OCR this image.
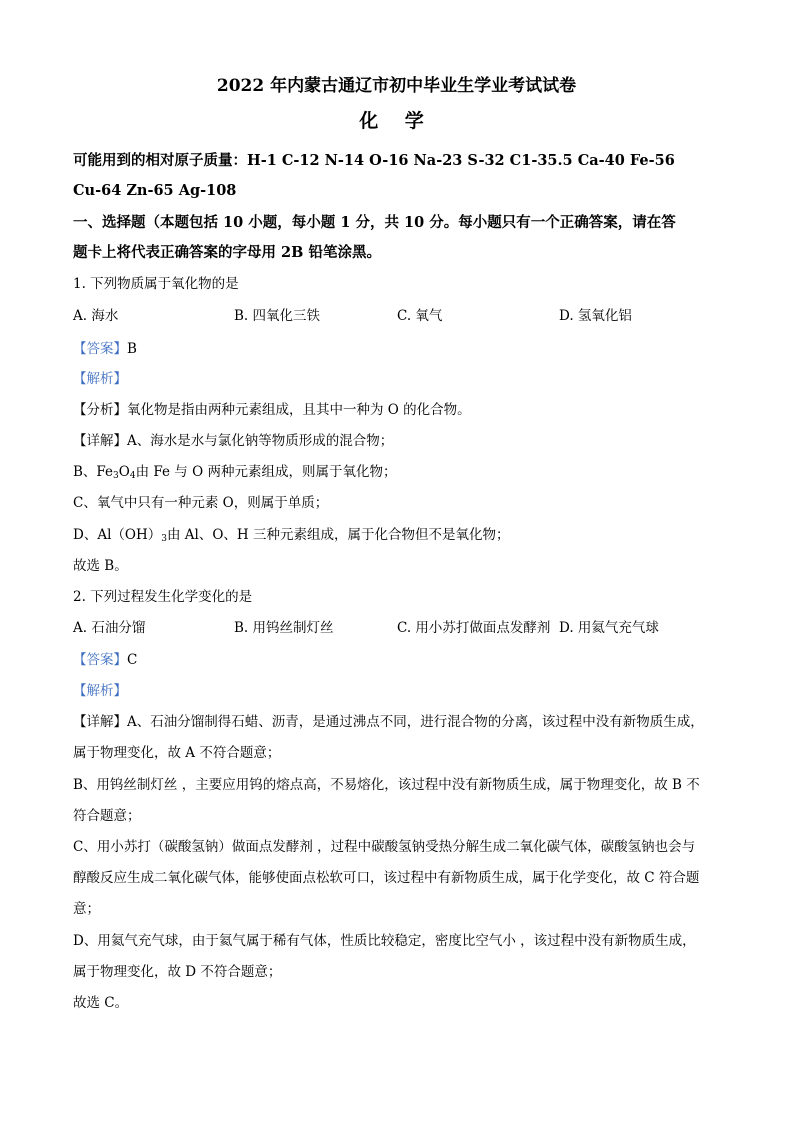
2022 年内蒙古通辽市初中毕业生学业考试试卷
化 学
可能用到的相对原子质量：H-1 C-12 N-14 O-16 Na-23 S-32 C1-35.5 Ca-40 Fe-56
Cu-64 Zn-65 Ag-108
一、选择题（本题包括 10 小题，每小题 1 分，共 10 分。每小题只有一个正确答案，请在答
题卡上将代表正确答案的字母用 2B 铅笔涂黑。
1. 下列物质属于氧化物的是
A. 海水	B. 四氧化三铁	C. 氧气	D. 氢氧化铝
【答案】B
【解析】
【分析】氧化物是指由两种元素组成，且其中一种为 O 的化合物。
【详解】A、海水是水与氯化钠等物质形成的混合物；
B、$Fe_3O_4$由 Fe 与 O 两种元素组成，则属于氧化物；
C、氧气中只有一种元素 O，则属于单质；
D、$Al(OH)_3$由 Al、O、H 三种元素组成，属于化合物但不是氧化物；
故选 B。
2. 下列过程发生化学变化的是
A. 石油分馏	B. 用钨丝制灯丝	C. 用小苏打做面点发酵剂 D. 用氦气充气球
【答案】C
【解析】
【详解】A、石油分馏制得石蜡、沥青，是通过沸点不同，进行混合物的分离，该过程中没有新物质生成，
属于物理变化，故 A 不符合题意；
B、用钨丝制灯丝 ，主要应用钨的熔点高，不易熔化，该过程中没有新物质生成，属于物理变化，故 B 不
符合题意；
C、用小苏打（碳酸氢钠）做面点发酵剂 ，过程中碳酸氢钠受热分解生成二氧化碳气体，碳酸氢钠也会与
醇酸反应生成二氧化碳气体，能够使面点松软可口，该过程中有新物质生成，属于化学变化，故 C 符合题
意；
D、用氦气充气球，由于氦气属于稀有气体，性质比较稳定，密度比空气小 ，该过程中没有新物质生成，
属于物理变化，故 D 不符合题意；
故选 C。
